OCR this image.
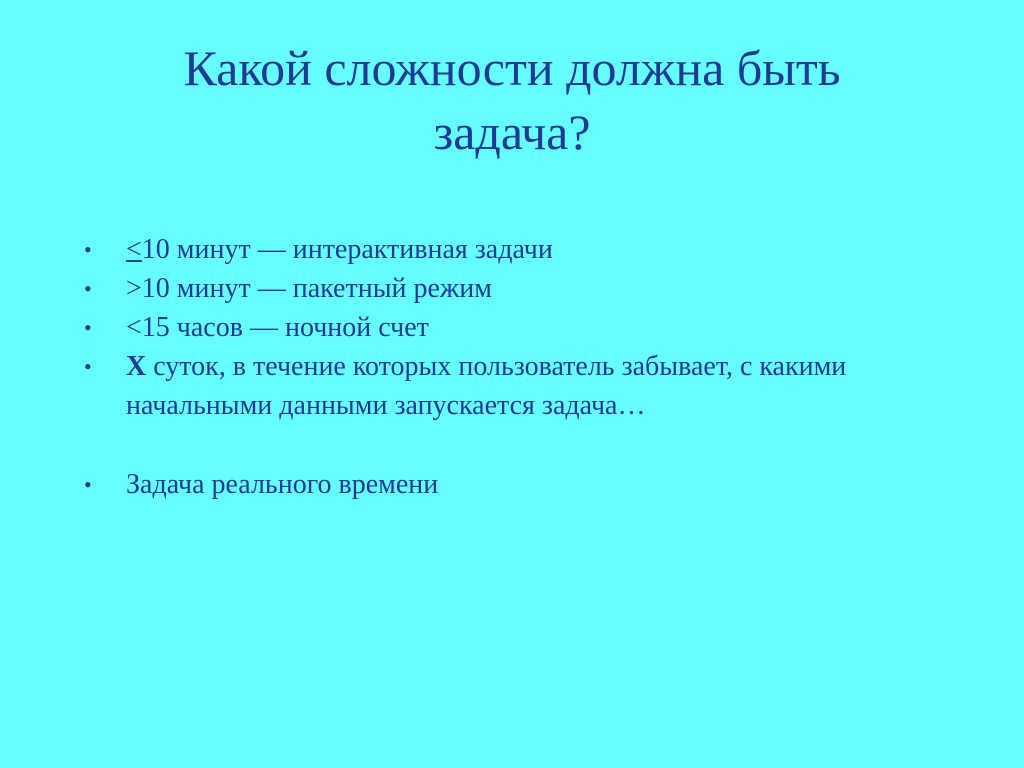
Какой сложности должна быть
задача?
•	<10 минут — интерактивная задачи
•	>10 минут — пакетный режим
•	<15 часов — ночной счет
•	X суток, в течение которых пользователь забывает, с какими начальными данными запускается задача…
•	Задача реального времени
